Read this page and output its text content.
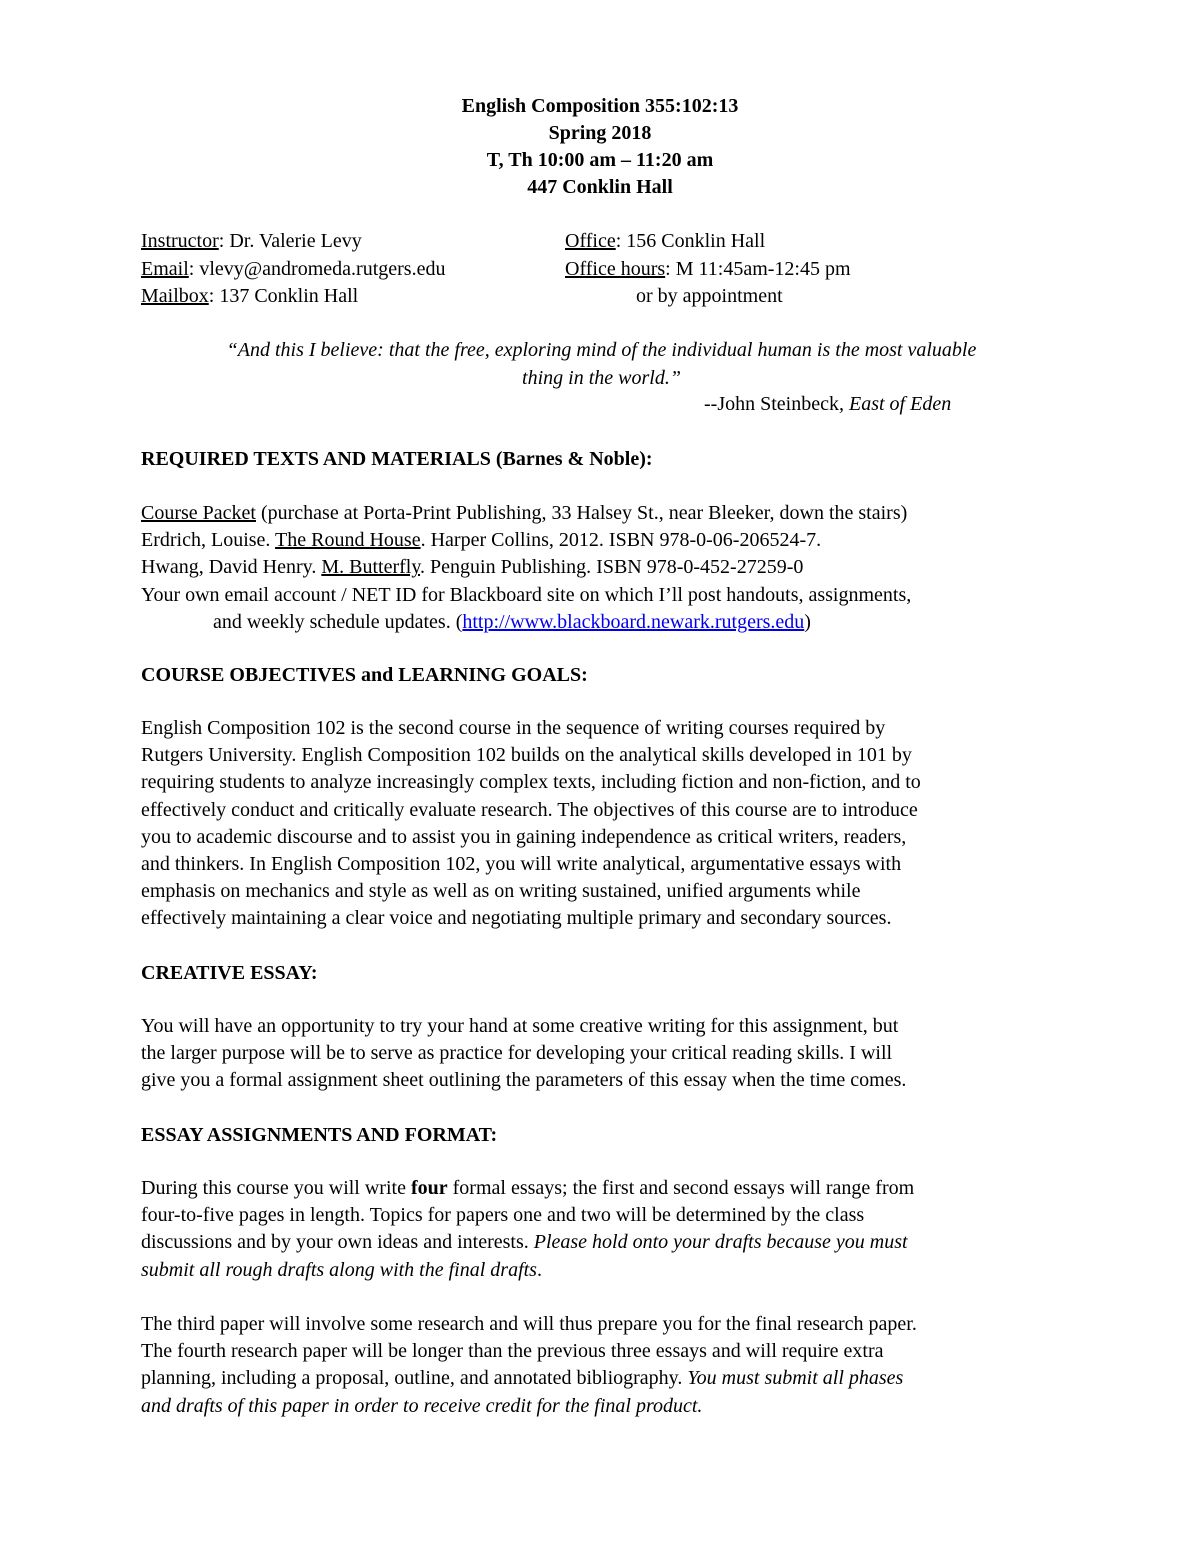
English Composition 355:102:13
Spring 2018
T, Th 10:00 am – 11:20 am
447 Conklin Hall
Instructor: Dr. Valerie Levy	Office: 156 Conklin Hall
Email: vlevy@andromeda.rutgers.edu	Office hours: M 11:45am-12:45 pm
Mailbox: 137 Conklin Hall	or by appointment
“And this I believe: that the free, exploring mind of the individual human is the most valuable
thing in the world.”
--John Steinbeck, East of Eden
REQUIRED TEXTS AND MATERIALS (Barnes & Noble):
Course Packet (purchase at Porta-Print Publishing, 33 Halsey St., near Bleeker, down the stairs)
Erdrich, Louise. The Round House. Harper Collins, 2012. ISBN 978-0-06-206524-7.
Hwang, David Henry. M. Butterfly. Penguin Publishing. ISBN 978-0-452-27259-0
Your own email account / NET ID for Blackboard site on which I’ll post handouts, assignments,
and weekly schedule updates. (http://www.blackboard.newark.rutgers.edu)
COURSE OBJECTIVES and LEARNING GOALS:
English Composition 102 is the second course in the sequence of writing courses required by
Rutgers University. English Composition 102 builds on the analytical skills developed in 101 by
requiring students to analyze increasingly complex texts, including fiction and non-fiction, and to
effectively conduct and critically evaluate research. The objectives of this course are to introduce
you to academic discourse and to assist you in gaining independence as critical writers, readers,
and thinkers. In English Composition 102, you will write analytical, argumentative essays with
emphasis on mechanics and style as well as on writing sustained, unified arguments while
effectively maintaining a clear voice and negotiating multiple primary and secondary sources.
CREATIVE ESSAY:
You will have an opportunity to try your hand at some creative writing for this assignment, but
the larger purpose will be to serve as practice for developing your critical reading skills. I will
give you a formal assignment sheet outlining the parameters of this essay when the time comes.
ESSAY ASSIGNMENTS AND FORMAT:
During this course you will write four formal essays; the first and second essays will range from
four-to-five pages in length. Topics for papers one and two will be determined by the class
discussions and by your own ideas and interests. Please hold onto your drafts because you must
submit all rough drafts along with the final drafts.
The third paper will involve some research and will thus prepare you for the final research paper.
The fourth research paper will be longer than the previous three essays and will require extra
planning, including a proposal, outline, and annotated bibliography. You must submit all phases
and drafts of this paper in order to receive credit for the final product.
